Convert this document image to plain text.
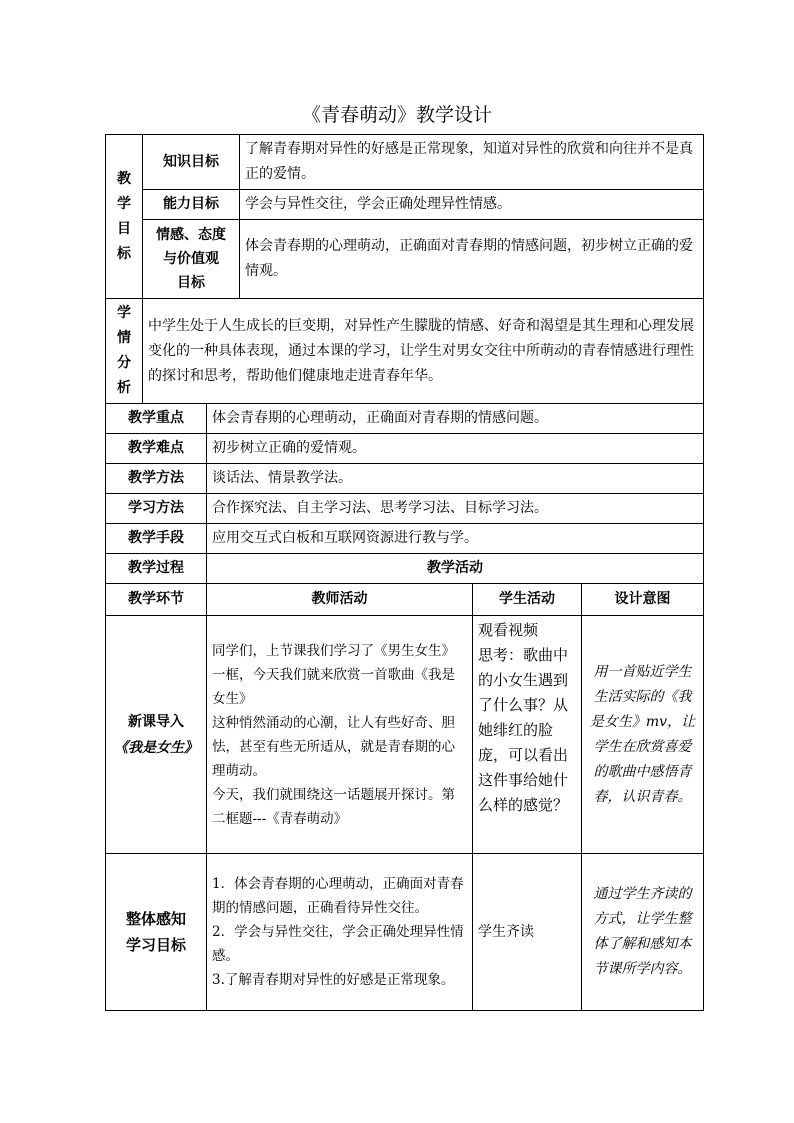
《青春萌动》教学设计
教
学
目
标	知识目标		了解青春期对异性的好感是正常现象，知道对异性的欣赏和向往并不是真正的爱情。		
	能力目标		学会与异性交往，学会正确处理异性情感。		

	情感、态度
与价值观
目标		体会青春期的心理萌动，正确面对青春期的情感问题，初步树立正确的爱情观。		

学
情
分
析	中学生处于人生成长的巨变期，对异性产生朦胧的情感、好奇和渴望是其生理和心理发展变化的一种具体表现，通过本课的学习，让学生对男女交往中所萌动的青春情感进行理性的探讨和思考，帮助他们健康地走进青春年华。				
教学重点		体会青春期的心理萌动，正确面对青春期的情感问题。			
教学难点		初步树立正确的爱情观。			
教学方法		谈话法、情景教学法。			
学习方法		合作探究法、自主学习法、思考学习法、目标学习法。			
教学手段		应用交互式白板和互联网资源进行教与学。			
教学过程		教学活动			
教学环节		教师活动		学生活动	设计意图

新课导入
《我是女生》		同学们，上节课我们学习了《男生女生》一框，今天我们就来欣赏一首歌曲《我是女生》
这种悄然涌动的心潮，让人有些好奇、胆怯，甚至有些无所适从，就是青春期的心理萌动。
今天，我们就围绕这一话题展开探讨。第二框题---《青春萌动》		观看视频
思考：歌曲中的小女生遇到了什么事？从她绯红的脸庞，可以看出这件事给她什么样的感觉？	用一首贴近学生生活实际的《我是女生》mv，让学生在欣赏喜爱的歌曲中感悟青春，认识青春。

整体感知
学习目标		1．体会青春期的心理萌动，正确面对青春期的情感问题，正确看待异性交往。
2．学会与异性交往，学会正确处理异性情感。
3.了解青春期对异性的好感是正常现象。		学生齐读	通过学生齐读的方式，让学生整体了解和感知本节课所学内容。
